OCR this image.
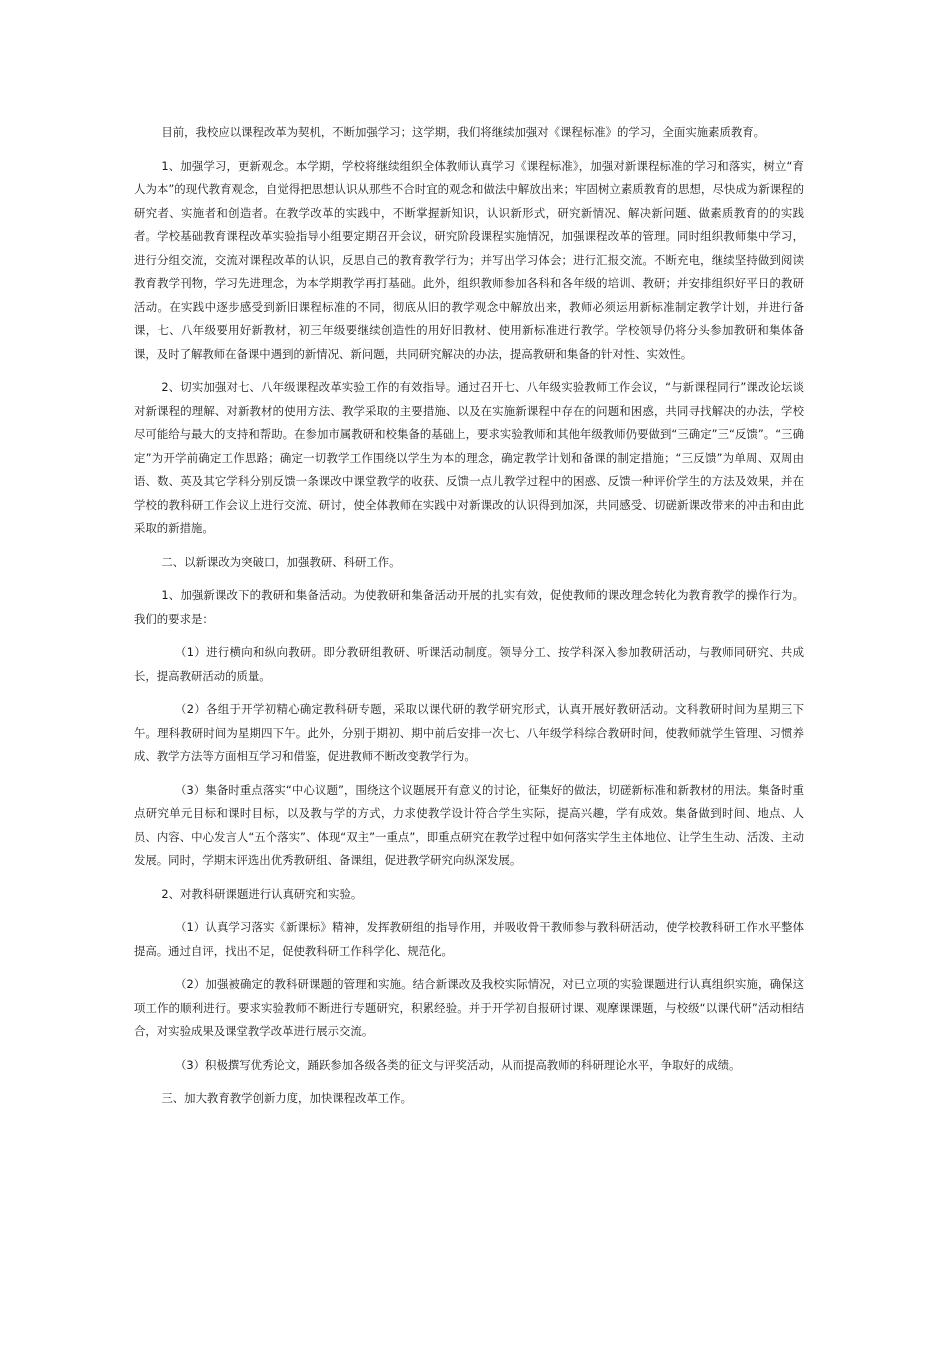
目前，我校应以课程改革为契机，不断加强学习；这学期，我们将继续加强对《课程标准》的学习，全面实施素质教育。

1、加强学习，更新观念。本学期，学校将继续组织全体教师认真学习《课程标准》，加强对新课程标准的学习和落实，树立“育人为本”的现代教育观念，自觉得把思想认识从那些不合时宜的观念和做法中解放出来；牢固树立素质教育的思想，尽快成为新课程的研究者、实施者和创造者。在教学改革的实践中，不断掌握新知识，认识新形式，研究新情况、解决新问题、做素质教育的的实践者。学校基础教育课程改革实验指导小组要定期召开会议，研究阶段课程实施情况，加强课程改革的管理。同时组织教师集中学习，进行分组交流，交流对课程改革的认识，反思自己的教育教学行为；并写出学习体会；进行汇报交流。不断充电，继续坚持做到阅读教育教学刊物，学习先进理念，为本学期教学再打基础。此外，组织教师参加各科和各年级的培训、教研；并安排组织好平日的教研活动。在实践中逐步感受到新旧课程标准的不同，彻底从旧的教学观念中解放出来，教师必须运用新标准制定教学计划，并进行备课，七、八年级要用好新教材，初三年级要继续创造性的用好旧教材、使用新标准进行教学。学校领导仍将分头参加教研和集体备课，及时了解教师在备课中遇到的新情况、新问题，共同研究解决的办法，提高教研和集备的针对性、实效性。

2、切实加强对七、八年级课程改革实验工作的有效指导。通过召开七、八年级实验教师工作会议，“与新课程同行”课改论坛谈对新课程的理解、对新教材的使用方法、教学采取的主要措施、以及在实施新课程中存在的问题和困惑，共同寻找解决的办法，学校尽可能给与最大的支持和帮助。在参加市属教研和校集备的基础上，要求实验教师和其他年级教师仍要做到“三确定”三“反馈”。“三确定”为开学前确定工作思路；确定一切教学工作围绕以学生为本的理念，确定教学计划和备课的制定措施；“三反馈”为单周、双周由语、数、英及其它学科分别反馈一条课改中课堂教学的收获、反馈一点儿教学过程中的困惑、反馈一种评价学生的方法及效果，并在学校的教科研工作会议上进行交流、研讨，使全体教师在实践中对新课改的认识得到加深，共同感受、切磋新课改带来的冲击和由此采取的新措施。

二、以新课改为突破口，加强教研、科研工作。

1、加强新课改下的教研和集备活动。为使教研和集备活动开展的扎实有效，促使教师的课改理念转化为教育教学的操作行为。我们的要求是：

（1）进行横向和纵向教研。即分教研组教研、听课活动制度。领导分工、按学科深入参加教研活动，与教师同研究、共成长，提高教研活动的质量。

（2）各组于开学初精心确定教科研专题，采取以课代研的教学研究形式，认真开展好教研活动。文科教研时间为星期三下午。理科教研时间为星期四下午。此外，分别于期初、期中前后安排一次七、八年级学科综合教研时间，使教师就学生管理、习惯养成、教学方法等方面相互学习和借鉴，促进教师不断改变教学行为。

（3）集备时重点落实“中心议题”，围绕这个议题展开有意义的讨论，征集好的做法，切磋新标准和新教材的用法。集备时重点研究单元目标和课时目标，以及教与学的方式，力求使教学设计符合学生实际，提高兴趣，学有成效。集备做到时间、地点、人员、内容、中心发言人“五个落实”、体现“双主”一重点”，即重点研究在教学过程中如何落实学生主体地位、让学生生动、活泼、主动发展。同时，学期末评选出优秀教研组、备课组，促进教学研究向纵深发展。

2、对教科研课题进行认真研究和实验。

（1）认真学习落实《新课标》精神，发挥教研组的指导作用，并吸收骨干教师参与教科研活动，使学校教科研工作水平整体提高。通过自评，找出不足，促使教科研工作科学化、规范化。

（2）加强被确定的教科研课题的管理和实施。结合新课改及我校实际情况，对已立项的实验课题进行认真组织实施，确保这项工作的顺利进行。要求实验教师不断进行专题研究，积累经验。并于开学初自报研讨课、观摩课课题，与校级“以课代研”活动相结合，对实验成果及课堂教学改革进行展示交流。

（3）积极撰写优秀论文，踊跃参加各级各类的征文与评奖活动，从而提高教师的科研理论水平，争取好的成绩。

三、加大教育教学创新力度，加快课程改革工作。
